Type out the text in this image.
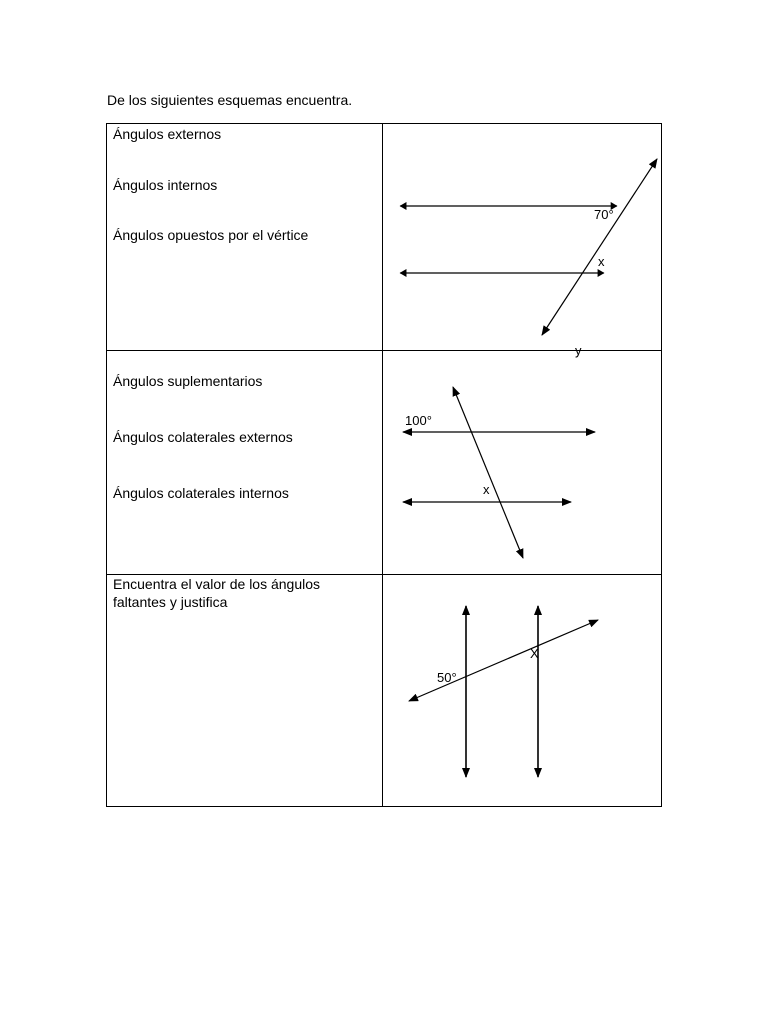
De los siguientes esquemas encuentra.
Ángulos externos
Ángulos internos
Ángulos opuestos por el vértice
70°
x
y
Ángulos suplementarios
Ángulos colaterales externos
Ángulos colaterales internos
100°
x
Encuentra el valor de los ángulos faltantes y justifica
50°
X
